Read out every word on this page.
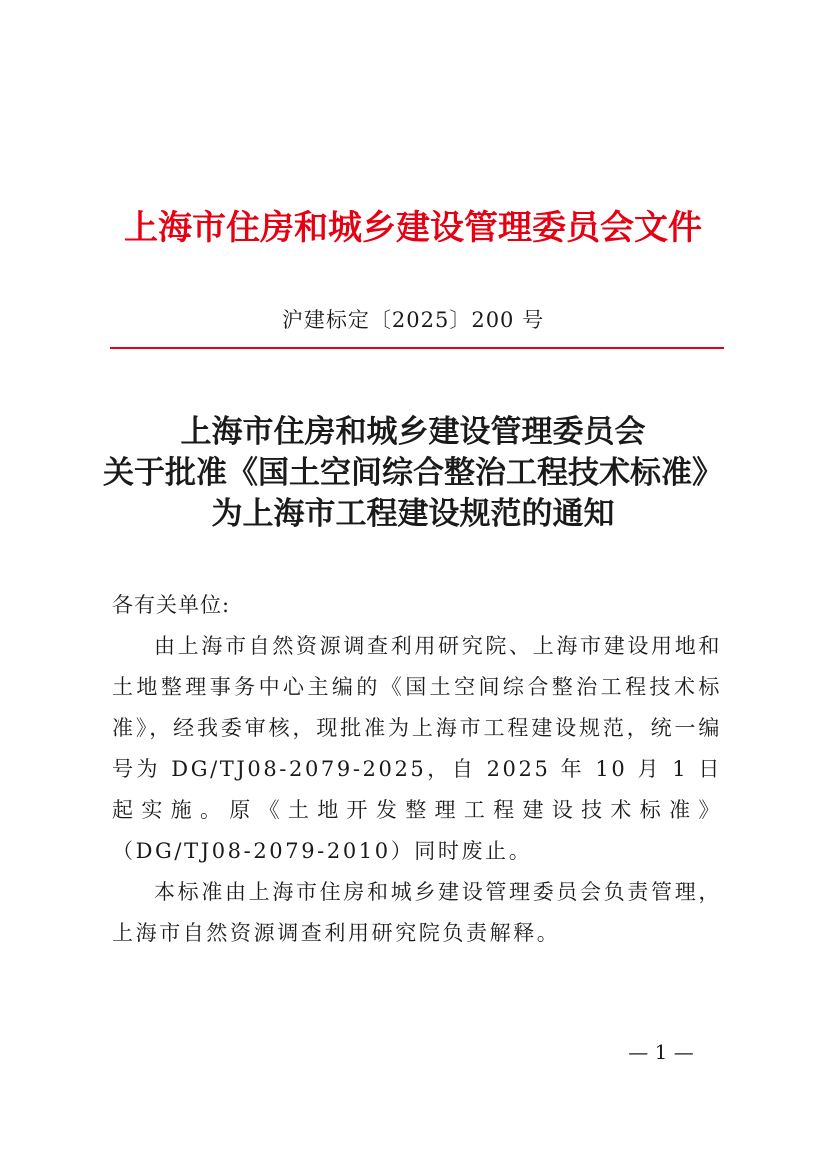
上海市住房和城乡建设管理委员会文件
沪建标定〔2025〕200 号
上海市住房和城乡建设管理委员会
关于批准《国土空间综合整治工程技术标准》
为上海市工程建设规范的通知

各有关单位:

由上海市自然资源调查利用研究院、上海市建设用地和土地整理事务中心主编的《国土空间综合整治工程技术标准》，经我委审核，现批准为上海市工程建设规范，统一编号为 DG/TJ08-2079-2025，自 2025 年 10 月 1 日起实施。原《土地开发整理工程建设技术标准》（DG/TJ08-2079-2010）同时废止。

本标准由上海市住房和城乡建设管理委员会负责管理，上海市自然资源调查利用研究院负责解释。

— 1 —
